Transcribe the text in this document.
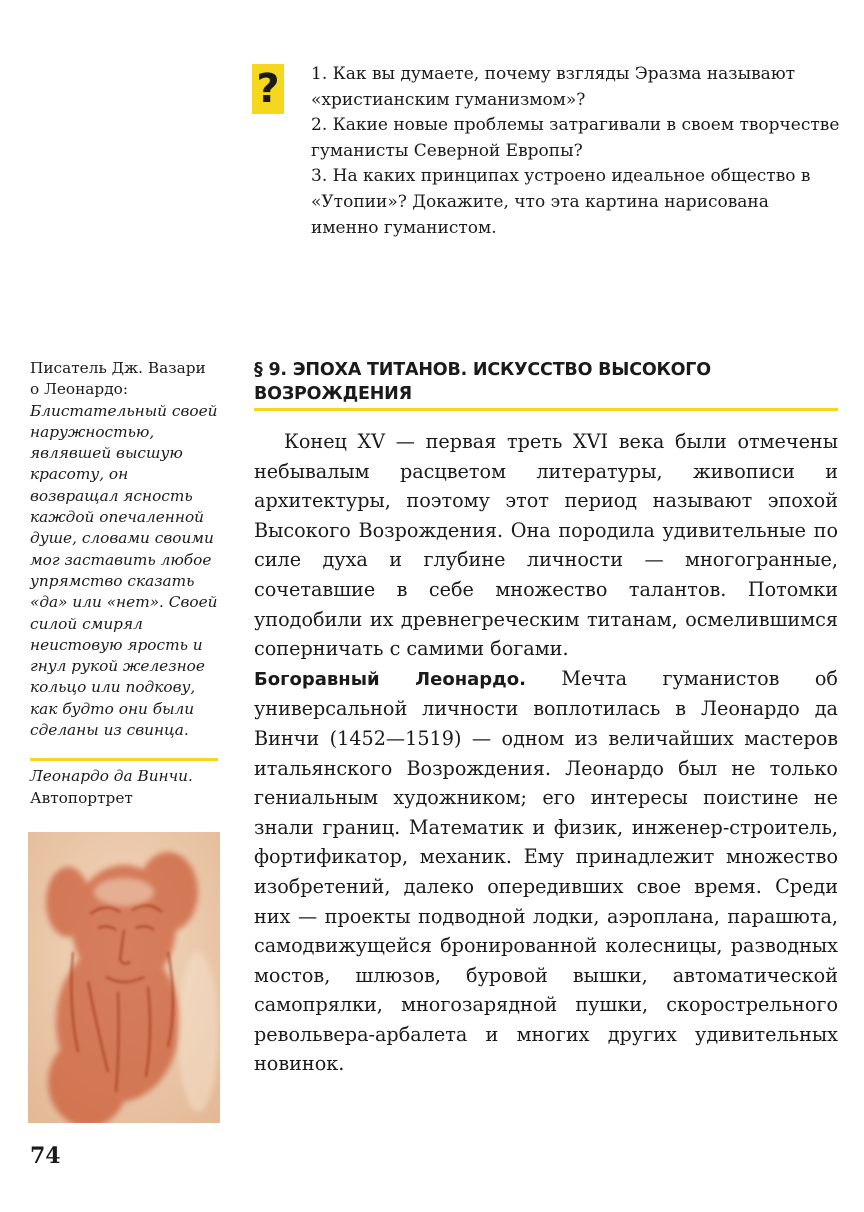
? 1. Как вы думаете, почему взгляды Эразма называют «христианским гуманизмом»?
2. Какие новые проблемы затрагивали в своем творчестве гуманисты Северной Европы?
3. На каких принципах устроено идеальное общество в «Утопии»? Докажите, что эта картина нарисована именно гуманистом.
Писатель Дж. Вазари о Леонардо: Блистательный своей наружностью, являвшей высшую красоту, он возвращал ясность каждой опечаленной душе, словами своими мог заставить любое упрямство сказать «да» или «нет». Своей силой смирял неистовую ярость и гнул рукой железное кольцо или подкову, как будто они были сделаны из свинца.
Леонардо да Винчи.
Автопортрет
§ 9. ЭПОХА ТИТАНОВ. ИСКУССТВО ВЫСОКОГО ВОЗРОЖДЕНИЯ

Конец XV — первая треть XVI века были отмечены небывалым расцветом литературы, живописи и архитектуры, поэтому этот период называют эпохой Высокого Возрождения. Она породила удивительные по силе духа и глубине личности — многогранные, сочетавшие в себе множество талантов. Потомки уподобили их древнегреческим титанам, осмелившимся соперничать с самими богами.

Богоравный Леонардо. Мечта гуманистов об универсальной личности воплотилась в Леонардо да Винчи (1452—1519) — одном из величайших мастеров итальянского Возрождения. Леонардо был не только гениальным художником; его интересы поистине не знали границ. Математик и физик, инженер-строитель, фортификатор, механик. Ему принадлежит множество изобретений, далеко опередивших свое время. Среди них — проекты подводной лодки, аэроплана, парашюта, самодвижущейся бронированной колесницы, разводных мостов, шлюзов, буровой вышки, автоматической самопрялки, многозарядной пушки, скорострельного револьвера-арбалета и многих других удивительных новинок.

74
